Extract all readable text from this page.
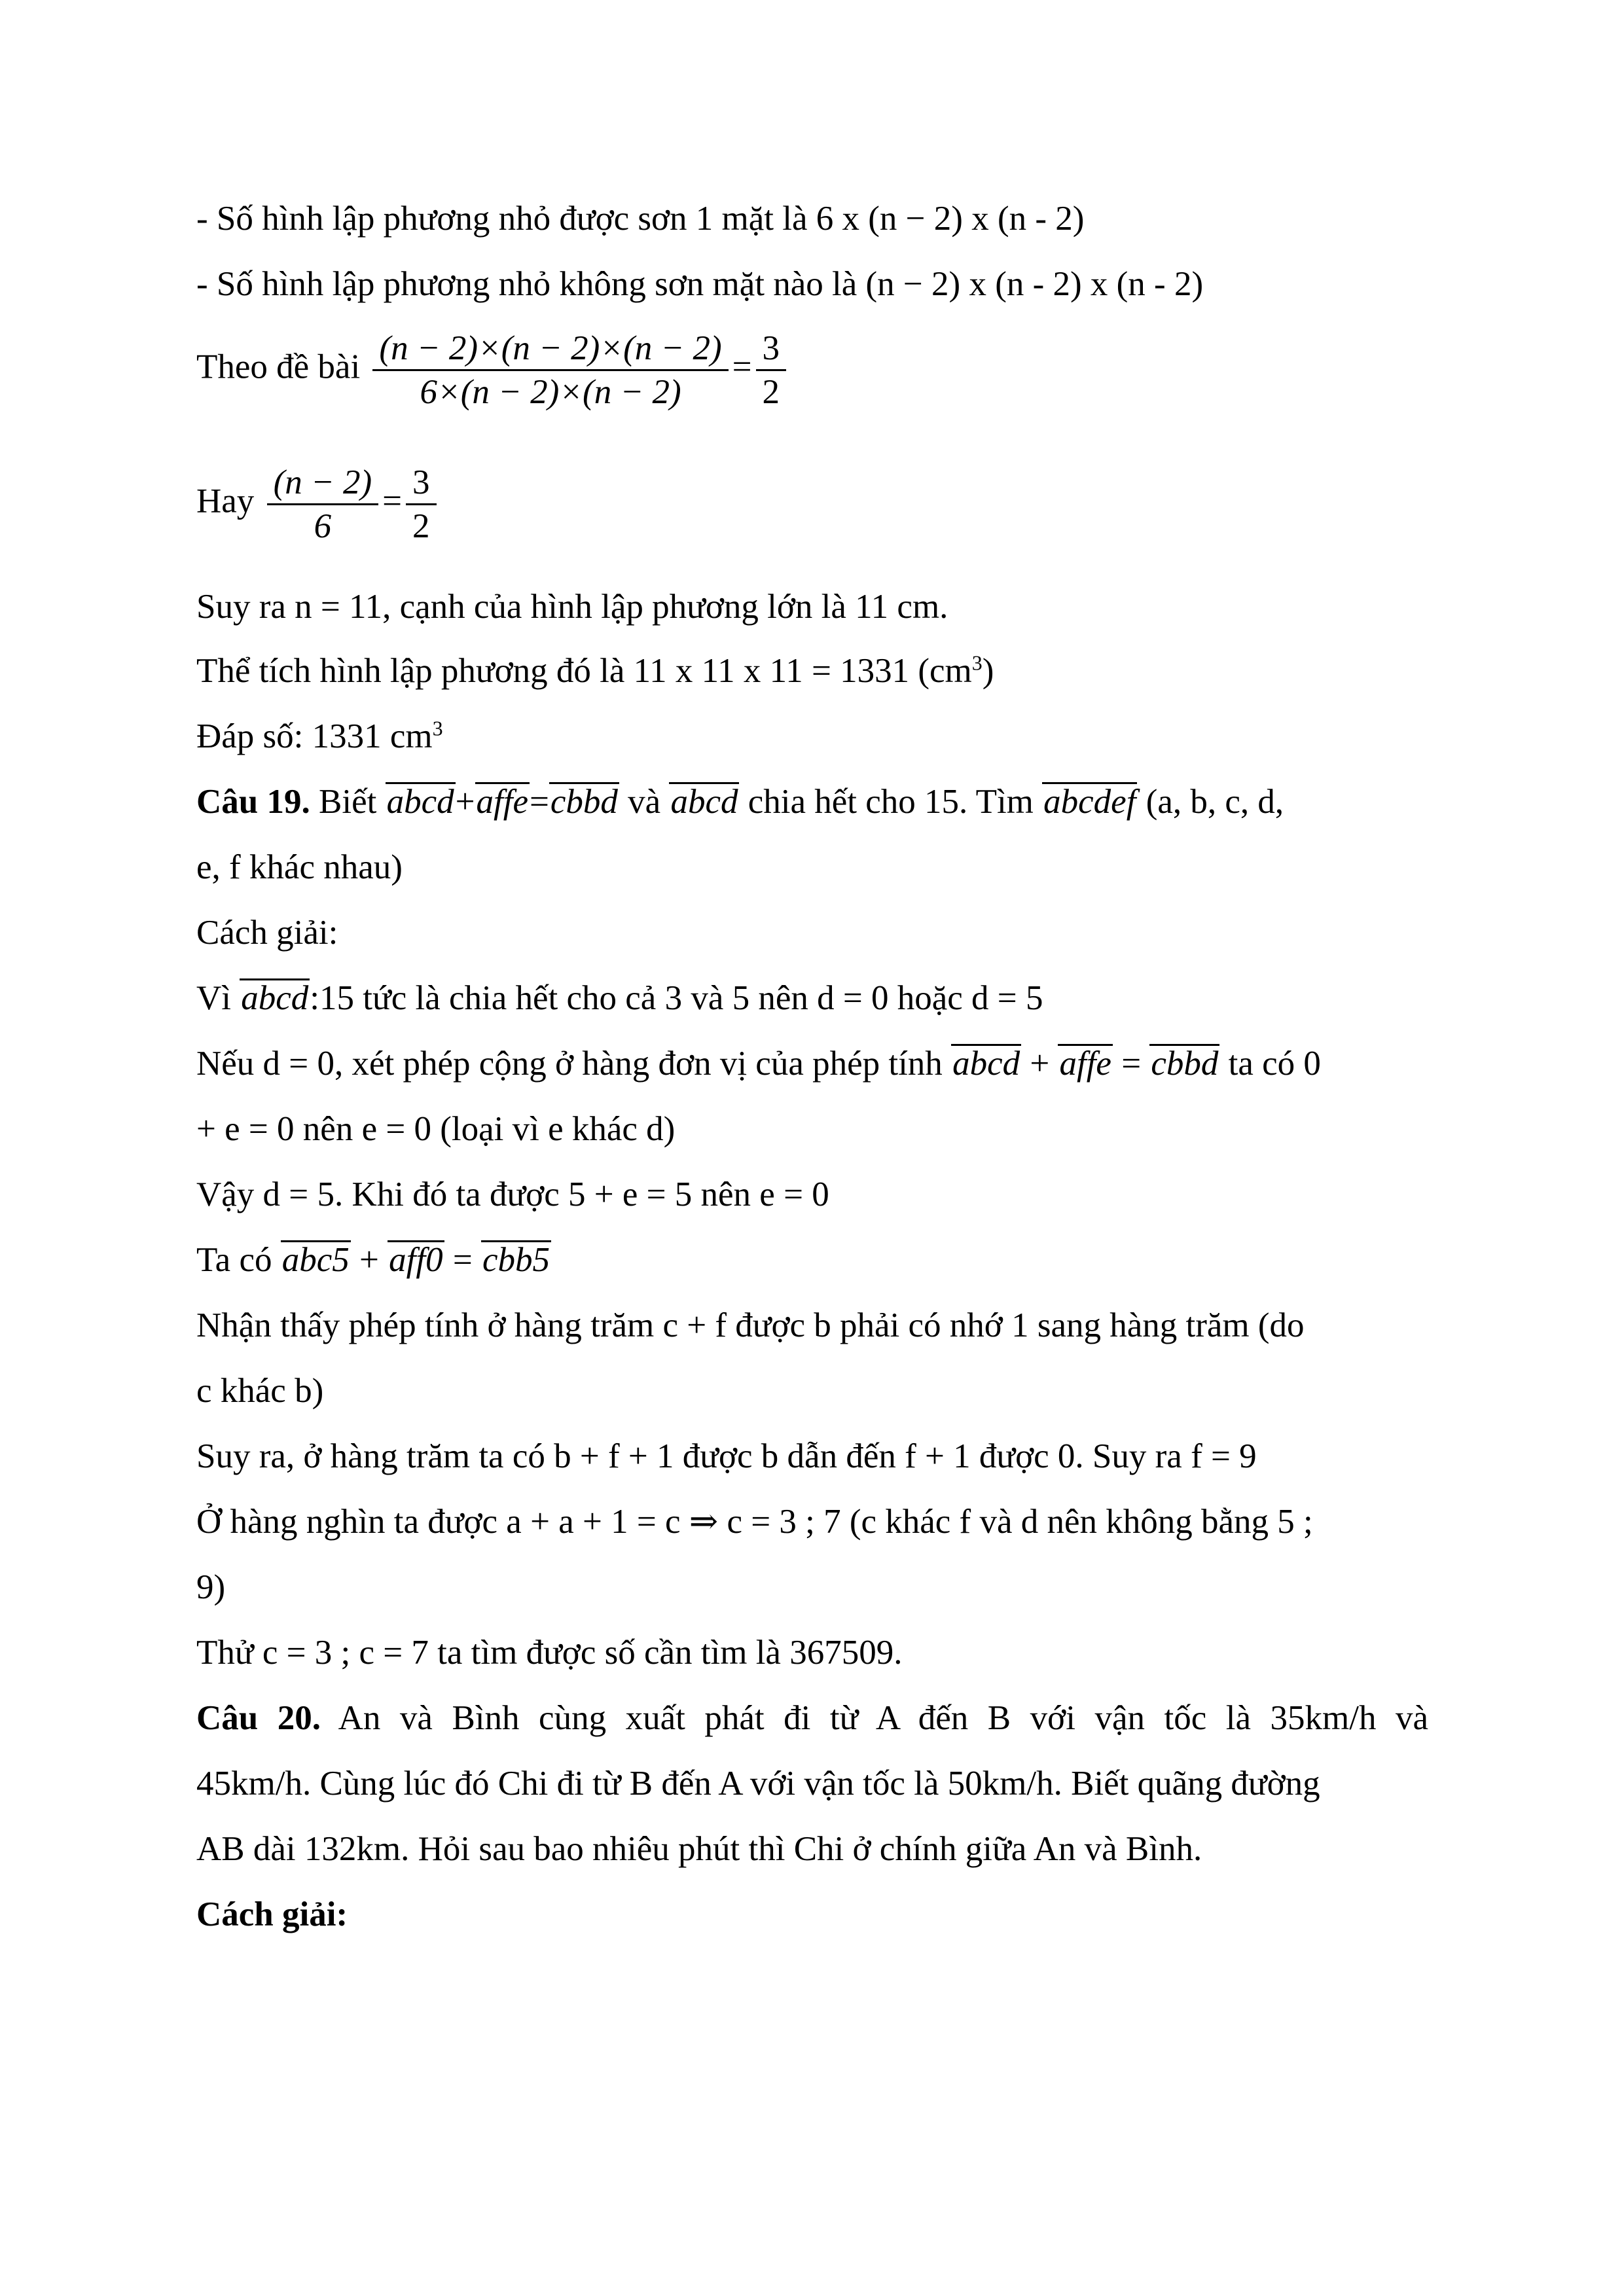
- Số hình lập phương nhỏ được sơn 1 mặt là 6 x (n − 2) x (n - 2)
- Số hình lập phương nhỏ không sơn mặt nào là (n − 2) x (n - 2) x (n - 2)
Theo đề bài $\frac{(n - 2)\times(n - 2)\times(n - 2)}{6\times(n - 2)\times(n - 2)} = \frac{3}{2}$
Hay $\frac{(n - 2)}{6} = \frac{3}{2}$
Suy ra n = 11, cạnh của hình lập phương lớn là 11 cm.
Thể tích hình lập phương đó là 11 x 11 x 11 = 1331 $(cm^3)$
Đáp số: 1331 $cm^3$
Câu 19. Biết abcd+affe=cbbd và abcd chia hết cho 15. Tìm abcdef (a, b, c, d,
e, f khác nhau)
Cách giải:
Vì abcd:15 tức là chia hết cho cả 3 và 5 nên d = 0 hoặc d = 5
Nếu d = 0, xét phép cộng ở hàng đơn vị của phép tính abcd + affe = cbbd ta có 0
+ e = 0 nên e = 0 (loại vì e khác d)
Vậy d = 5. Khi đó ta được 5 + e = 5 nên e = 0
Ta có abc5 + aff0 = cbb5
Nhận thấy phép tính ở hàng trăm c + f được b phải có nhớ 1 sang hàng trăm (do
c khác b)
Suy ra, ở hàng trăm ta có b + f + 1 được b dẫn đến f + 1 được 0. Suy ra f = 9
Ở hàng nghìn ta được a + a + 1 = c ⇒ c = 3 ; 7 (c khác f và d nên không bằng 5 ;
9)
Thử c = 3 ; c = 7 ta tìm được số cần tìm là 367509.
Câu 20. An và Bình cùng xuất phát đi từ A đến B với vận tốc là 35km/h và
45km/h. Cùng lúc đó Chi đi từ B đến A với vận tốc là 50km/h. Biết quãng đường
AB dài 132km. Hỏi sau bao nhiêu phút thì Chi ở chính giữa An và Bình.
Cách giải:
